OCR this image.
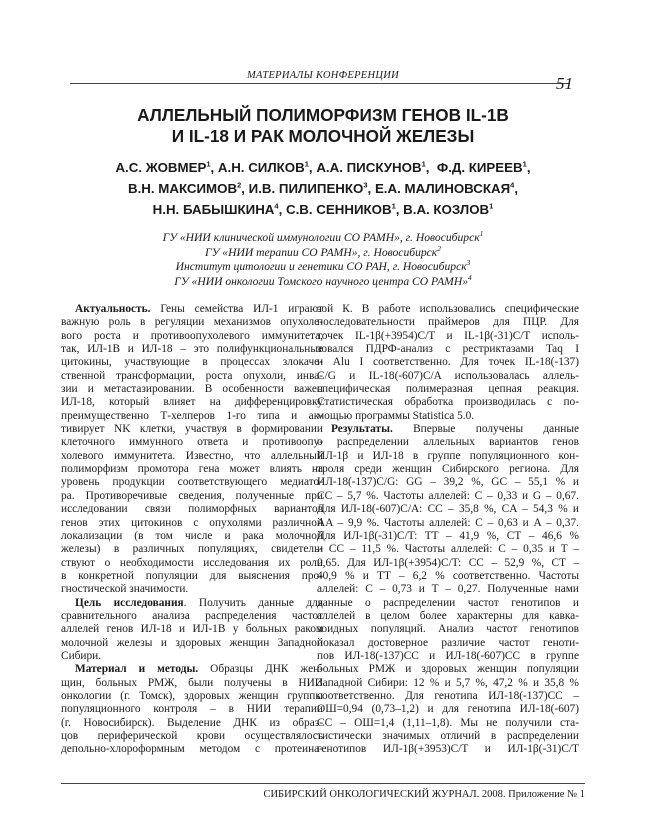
МАТЕРИАЛЫ КОНФЕРЕНЦИИ	51
АЛЛЕЛЬНЫЙ ПОЛИМОРФИЗМ ГЕНОВ IL-1В
И IL-18 И РАК МОЛОЧНОЙ ЖЕЛЕЗЫ
А.С. ЖОВМЕР$^1$, А.Н. СИЛКОВ$^1$, А.А. ПИСКУНОВ$^1$,  Ф.Д. КИРЕЕВ$^1$,
В.Н. МАКСИМОВ$^2$, И.В. ПИЛИПЕНКО$^3$, Е.А. МАЛИНОВСКАЯ$^4$,
Н.Н. БАБЫШКИНА$^4$, С.В. СЕННИКОВ$^1$, В.А. КОЗЛОВ$^1$
ГУ «НИИ клинической иммунологии СО РАМН», г. Новосибирск$^1$
ГУ «НИИ терапии СО РАМН», г. Новосибирск$^2$
Институт цитологии и генетики СО РАН, г. Новосибирск$^3$
ГУ «НИИ онкологии Томского научного центра СО РАМН»$^4$

Актуальность. Гены семейства ИЛ-1 играют
важную роль в регуляции механизмов опухоле-
вого роста и противоопухолевого иммунитета,
так, ИЛ-1В и ИЛ-18 – это полифункциональные
цитокины, участвующие в процессах злокаче-
ственной трансформации, роста опухоли, инва-
зии и метастазировании. В особенности важен
ИЛ-18, который влияет на дифференцировку
преимущественно Т-хелперов 1-го типа и ак-
тивирует NK клетки, участвуя в формировании
клеточного иммунного ответа и противоопу-
холевого иммунитета. Известно, что аллельный
полиморфизм промотора гена может влиять на
уровень продукции соответствующего медиато-
ра. Противоречивые сведения, полученные при
исследовании связи полиморфных вариантов
генов этих цитокинов с опухолями различной
локализации (в том числе и рака молочной
железы) в различных популяциях, свидетель-
ствуют о необходимости исследования их роли
в конкретной популяции для выяснения про-
гностической значимости.

Цель исследования. Получить данные для
сравнительного анализа распределения частот
аллелей генов ИЛ-18 и ИЛ-1В у больных раком
молочной железы и здоровых женщин Западной
Сибири.

Материал и методы. Образцы ДНК жен-
щин, больных РМЖ, были получены в НИИ
онкологии (г. Томск), здоровых женщин группы
популяционного контроля – в НИИ терапии
(г. Новосибирск). Выделение ДНК из образ-
цов периферической крови осуществлялось
депольно-хлороформным методом с протеина-

зой К. В работе использовались специфические
последовательности праймеров для ПЦР. Для
точек IL-1β(+3954)C/T и IL-1β(-31)C/T исполь-
зовался ПДРФ-анализ с рестриктазами Taq I
и Alu I соответственно. Для точек IL-18(-137)
C/G и IL-18(-607)C/A использовалась аллель-
специфическая полимеразная цепная реакция.
Статистическая обработка производилась с по-
мощью программы Statistica 5.0.

Результаты. Впервые получены данные
о распределении аллельных вариантов генов
ИЛ-1β и ИЛ-18 в группе популяционного кон-
троля среди женщин Сибирского региона. Для
ИЛ-18(-137)C/G: GG – 39,2 %, GC – 55,1 % и
CC – 5,7 %. Частоты аллелей: C – 0,33 и G – 0,67.
Для ИЛ-18(-607)C/A: CC – 35,8 %, CA – 54,3 % и
AA – 9,9 %. Частоты аллелей: C – 0,63 и A – 0,37.
Для ИЛ-1β(-31)C/T: TT – 41,9 %, CT – 46,6 %
и CC – 11,5 %. Частоты аллелей: C – 0,35 и T –
0,65. Для ИЛ-1β(+3954)C/T: CC – 52,9 %, CT –
40,9 % и TT – 6,2 % соответственно. Частоты
аллелей: C – 0,73 и T – 0,27. Полученные нами
данные о распределении частот генотипов и
аллелей в целом более характерны для кавка-
зоидных популяций. Анализ частот генотипов
показал достоверное различие частот геноти-
пов ИЛ-18(-137)CC и ИЛ-18(-607)CC в группе
больных РМЖ и здоровых женщин популяции
Западной Сибири: 12 % и 5,7 %, 47,2 % и 35,8 %
соответственно. Для генотипа ИЛ-18(-137)CC –
ОШ=0,94 (0,73–1,2) и для генотипа ИЛ-18(-607)
CC – ОШ=1,4 (1,11–1,8). Мы не получили ста-
тистически значимых отличий в распределении
генотипов ИЛ-1β(+3953)C/T и ИЛ-1β(-31)C/T

СИБИРСКИЙ ОНКОЛОГИЧЕСКИЙ ЖУРНАЛ. 2008. Приложение № 1
